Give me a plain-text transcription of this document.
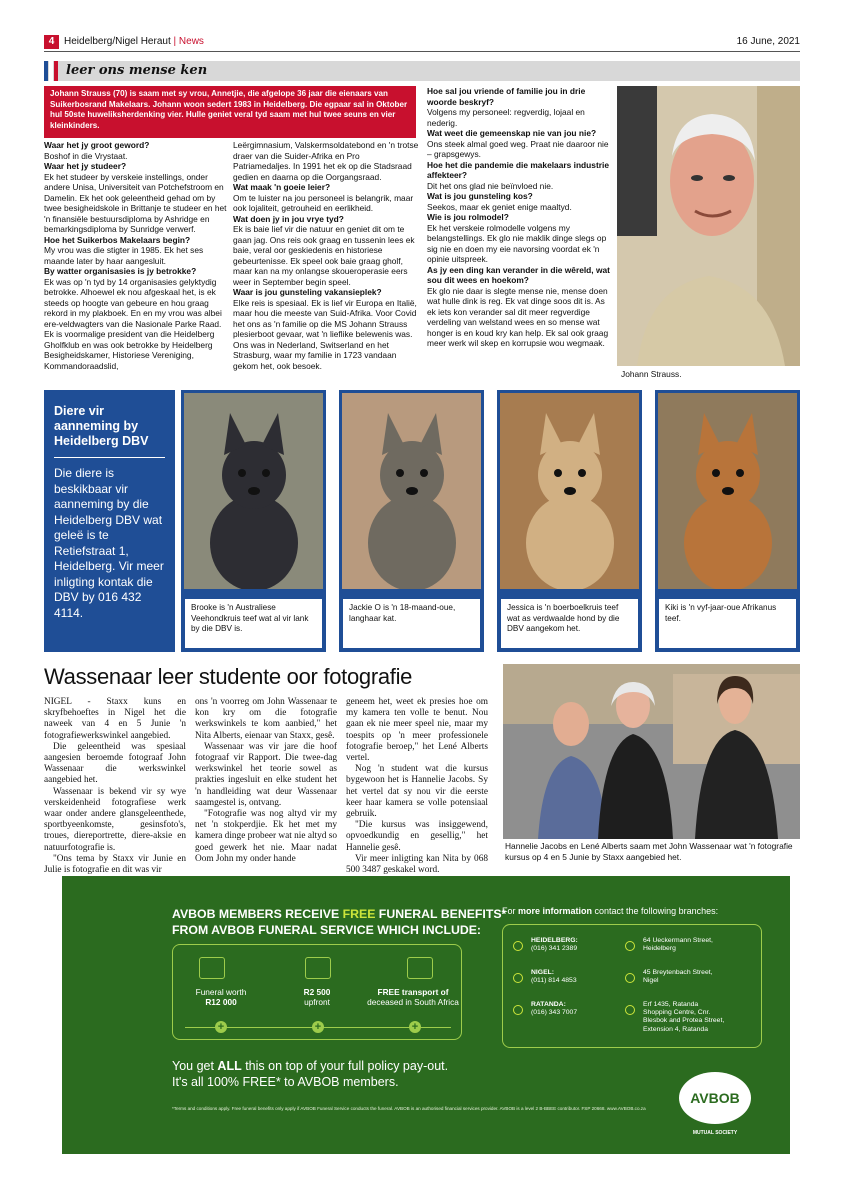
4 Heidelberg/Nigel Heraut | News	16 June, 2021
leer ons mense ken
Johann Strauss (70) is saam met sy vrou, Annetjie, die afgelope 36 jaar die eienaars van Suikerbosrand Makelaars. Johann woon sedert 1983 in Heidelberg. Die egpaar sal in Oktober hul 50ste huweliksherdenking vier. Hulle geniet veral tyd saam met hul twee seuns en vier kleinkinders.

Waar het jy groot geword?

Boshof in die Vrystaat.

Waar het jy studeer?

Ek het studeer by verskeie instellings, onder andere Unisa, Universiteit van Potchefstroom en Damelin. Ek het ook geleentheid gehad om by twee besigheidskole in Brittanje te studeer en het 'n finansiële bestuursdiploma by Ashridge en bemarkingsdiploma by Sunridge verwerf.

Hoe het Suikerbos Makelaars begin?

My vrou was die stigter in 1985. Ek het ses maande later by haar aangesluit.

By watter organisasies is jy betrokke?

Ek was op 'n tyd by 14 organisasies gelyktydig betrokke. Alhoewel ek nou afgeskaal het, is ek steeds op hoogte van gebeure en hou graag rekord in my plakboek. En en my vrou was albei ere-veldwagters van die Nasionale Parke Raad. Ek is voormalige president van die Heidelberg Gholfklub en was ook betrokke by Heidelberg Besigheidskamer, Historiese Vereniging, Kommandoraadslid,

Leërgimnasium, Valskermsoldatebond en 'n trotse draer van die Suider-Afrika en Pro Patriamedaljes. In 1991 het ek op die Stadsraad gedien en daarna op die Oorgangsraad.

Wat maak 'n goeie leier?

Om te luister na jou personeel is belangrik, maar ook lojaliteit, getrouheid en eerlikheid.

Wat doen jy in jou vrye tyd?

Ek is baie lief vir die natuur en geniet dit om te gaan jag. Ons reis ook graag en tussenin lees ek baie, veral oor geskiedenis en historiese gebeurtenisse. Ek speel ook baie graag gholf, maar kan na my onlangse skoueroperasie eers weer in September begin speel.

Waar is jou gunsteling vakansieplek?

Elke reis is spesiaal. Ek is lief vir Europa en Italië, maar hou die meeste van Suid-Afrika. Voor Covid het ons as 'n familie op die MS Johann Strauss plesierboot gevaar, wat 'n lieflike belewenis was. Ons was in Nederland, Switserland en het Strasburg, waar my familie in 1723 vandaan gekom het, ook besoek.

Hoe sal jou vriende of familie jou in drie woorde beskryf?

Volgens my personeel: regverdig, lojaal en nederig.

Wat weet die gemeenskap nie van jou nie?

Ons steek almal goed weg. Praat nie daaroor nie – grapsgewys.

Hoe het die pandemie die makelaars industrie affekteer?

Dit het ons glad nie beïnvloed nie.

Wat is jou gunsteling kos?

Seekos, maar ek geniet enige maaltyd.

Wie is jou rolmodel?

Ek het verskeie rolmodelle volgens my belangstellings. Ek glo nie maklik dinge slegs op sig nie en doen my eie navorsing voordat ek 'n opinie uitspreek.

As jy een ding kan verander in die wêreld, wat sou dit wees en hoekom?

Ek glo nie daar is slegte mense nie, mense doen wat hulle dink is reg. Ek vat dinge soos dit is. As ek iets kon verander sal dit meer regverdige verdeling van welstand wees en so mense wat honger is en koud kry kan help. Ek sal ook graag meer werk wil skep en korrupsie wou wegmaak.

Johann Strauss.
Diere vir aanneming by Heidelberg DBV
Die diere is beskikbaar vir aanneming by die Heidelberg DBV wat geleë is te Retiefstraat 1, Heidelberg. Vir meer inligting kontak die DBV by 016 432 4114.	Brooke is 'n Australiese Veehondkruis teef wat al vir lank by die DBV is.
Jackie O is 'n 18-maand-oue, langhaar kat.
Jessica is 'n boerboelkruis teef wat as verdwaalde hond by die DBV aangekom het.
Kiki is 'n vyf-jaar-oue Afrikanus teef.
Wassenaar leer studente oor fotografie

NIGEL - Staxx kuns en skryfbehoeftes in Nigel het die naweek van 4 en 5 Junie 'n fotografiewerkswinkel aangebied.

Die geleentheid was spesiaal aangesien beroemde fotograaf John Wassenaar die werkswinkel aangebied het.

Wassenaar is bekend vir sy wye verskeidenheid fotografiese werk waar onder andere glansgeleenthede, sportbyeenkomste, gesinsfoto's, troues, diereportrette, diere-aksie en natuurfotografie is.

"Ons tema by Staxx vir Junie en Julie is fotografie en dit was vir

ons 'n voorreg om John Wassenaar te kon kry om die fotografie werkswinkels te kom aanbied," het Nita Alberts, eienaar van Staxx, gesê.

Wassenaar was vir jare die hoof fotograaf vir Rapport. Die twee-dag werkswinkel het teorie sowel as prakties ingesluit en elke student het 'n handleiding wat deur Wassenaar saamgestel is, ontvang.

"Fotografie was nog altyd vir my net 'n stokperdjie. Ek het met my kamera dinge probeer wat nie altyd so goed gewerk het nie. Maar nadat Oom John my onder hande

geneem het, weet ek presies hoe om my kamera ten volle te benut. Nou gaan ek nie meer speel nie, maar my toespits op 'n meer professionele fotografie beroep," het Lené Alberts vertel.

Nog 'n student wat die kursus bygewoon het is Hannelie Jacobs. Sy het vertel dat sy nou vir die eerste keer haar kamera se volle potensiaal gebruik.

"Die kursus was insiggewend, opvoedkundig en gesellig," het Hannelie gesê.

Vir meer inligting kan Nita by 068 500 3487 geskakel word.

Hannelie Jacobs en Lené Alberts saam met John Wassenaar wat 'n fotografie kursus op 4 en 5 Junie by Staxx aangebied het.
AVBOB MEMBERS RECEIVE FREE FUNERAL BENEFITS*
FROM AVBOB FUNERAL SERVICE WHICH INCLUDE:
Funeral worth
R12 000
R2 500
upfront
FREE transport of
deceased in South Africa
+	+	+
For more information contact the following branches:
HEIDELBERG:
(016) 341 2389
64 Ueckermann Street,
Heidelberg
NIGEL:
(011) 814 4853
45 Breytenbach Street,
Nigel
RATANDA:
(016) 343 7007
Erf 1435, Ratanda
Shopping Centre, Cnr.
Blesbok and Protea Street,
Extension 4, Ratanda
You get ALL this on top of your full policy pay-out.
It's all 100% FREE* to AVBOB members.
*Terms and conditions apply. Free funeral benefits only apply if AVBOB Funeral Service conducts the funeral. AVBOB is an authorised financial services provider. AVBOB is a level 2 B-BBEE contributor. FSP 20668. www.AVBOB.co.za
AVBOB
MUTUAL SOCIETY
